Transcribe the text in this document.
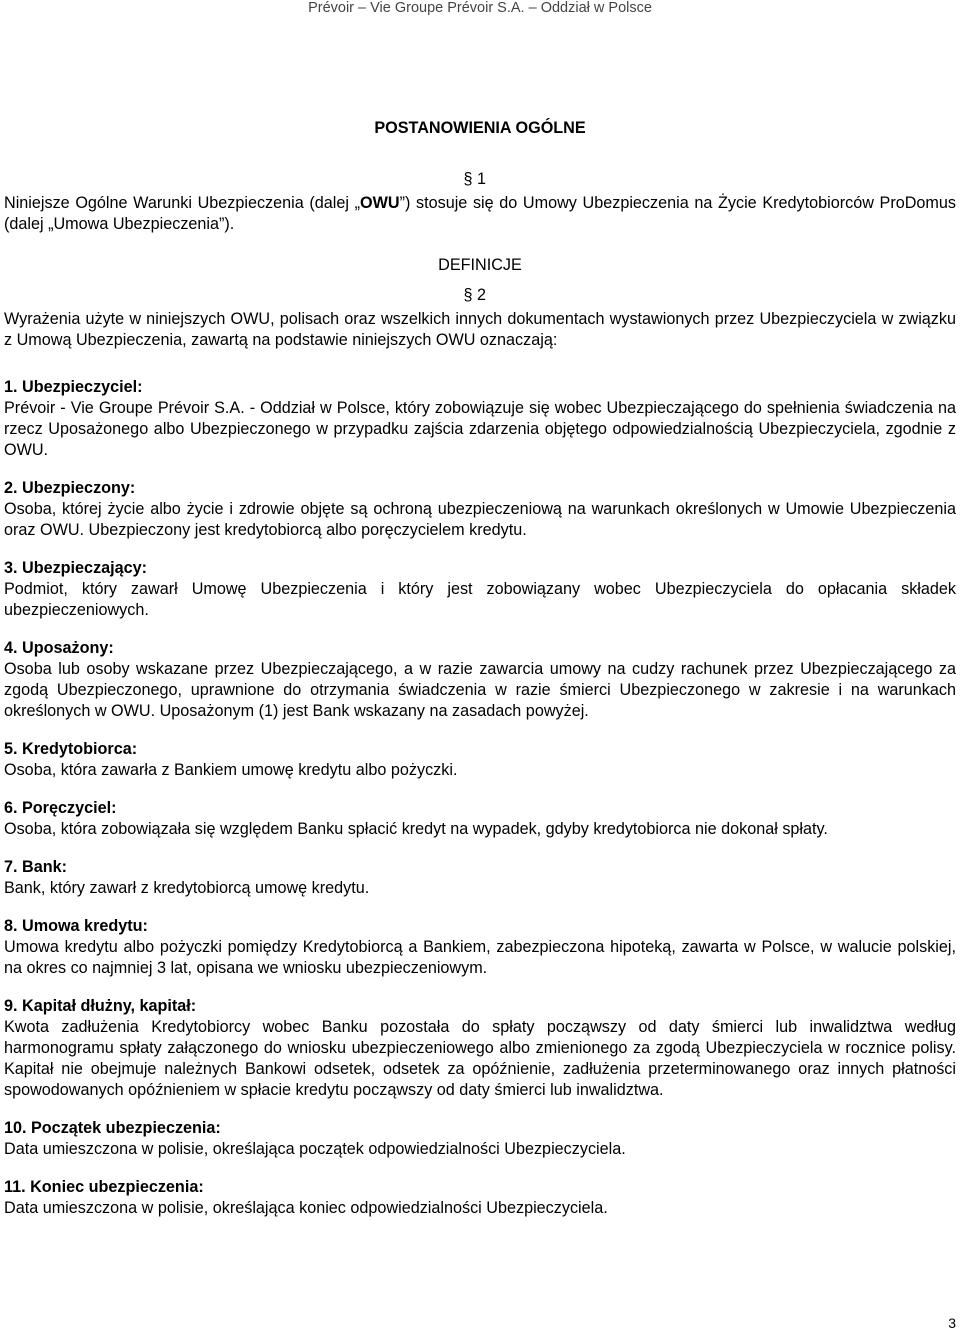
Prévoir – Vie Groupe Prévoir S.A. – Oddział w Polsce
POSTANOWIENIA OGÓLNE
§ 1

Niniejsze Ogólne Warunki Ubezpieczenia (dalej „OWU”) stosuje się do Umowy Ubezpieczenia na Życie Kredytobiorców ProDomus (dalej „Umowa Ubezpieczenia”).

DEFINICJE
§ 2

Wyrażenia użyte w niniejszych OWU, polisach oraz wszelkich innych dokumentach wystawionych przez Ubezpieczyciela w związku z Umową Ubezpieczenia, zawartą na podstawie niniejszych OWU oznaczają:

1. Ubezpieczyciel:

Prévoir - Vie Groupe Prévoir S.A. - Oddział w Polsce, który zobowiązuje się wobec Ubezpieczającego do spełnienia świadczenia na rzecz Uposażonego albo Ubezpieczonego w przypadku zajścia zdarzenia objętego odpowiedzialnością Ubezpieczyciela, zgodnie z OWU.

2. Ubezpieczony:

Osoba, której życie albo życie i zdrowie objęte są ochroną ubezpieczeniową na warunkach określonych w Umowie Ubezpieczenia oraz OWU. Ubezpieczony jest kredytobiorcą albo poręczycielem kredytu.

3. Ubezpieczający:

Podmiot, który zawarł Umowę Ubezpieczenia i który jest zobowiązany wobec Ubezpieczyciela do opłacania składek ubezpieczeniowych.

4. Uposażony:

Osoba lub osoby wskazane przez Ubezpieczającego, a w razie zawarcia umowy na cudzy rachunek przez Ubezpieczającego za zgodą Ubezpieczonego, uprawnione do otrzymania świadczenia w razie śmierci Ubezpieczonego w zakresie i na warunkach określonych w OWU. Uposażonym (1) jest Bank wskazany na zasadach powyżej.

5. Kredytobiorca:

Osoba, która zawarła z Bankiem umowę kredytu albo pożyczki.

6. Poręczyciel:

Osoba, która zobowiązała się względem Banku spłacić kredyt na wypadek, gdyby kredytobiorca nie dokonał spłaty.

7. Bank:

Bank, który zawarł z kredytobiorcą umowę kredytu.

8. Umowa kredytu:

Umowa kredytu albo pożyczki pomiędzy Kredytobiorcą a Bankiem, zabezpieczona hipoteką, zawarta w Polsce, w walucie polskiej, na okres co najmniej 3 lat, opisana we wniosku ubezpieczeniowym.

9. Kapitał dłużny, kapitał:

Kwota zadłużenia Kredytobiorcy wobec Banku pozostała do spłaty począwszy od daty śmierci lub inwalidztwa według harmonogramu spłaty załączonego do wniosku ubezpieczeniowego albo zmienionego za zgodą Ubezpieczyciela w rocznice polisy. Kapitał nie obejmuje należnych Bankowi odsetek, odsetek za opóźnienie, zadłużenia przeterminowanego oraz innych płatności spowodowanych opóźnieniem w spłacie kredytu począwszy od daty śmierci lub inwalidztwa.

10. Początek ubezpieczenia:

Data umieszczona w polisie, określająca początek odpowiedzialności Ubezpieczyciela.

11. Koniec ubezpieczenia:

Data umieszczona w polisie, określająca koniec odpowiedzialności Ubezpieczyciela.

3
